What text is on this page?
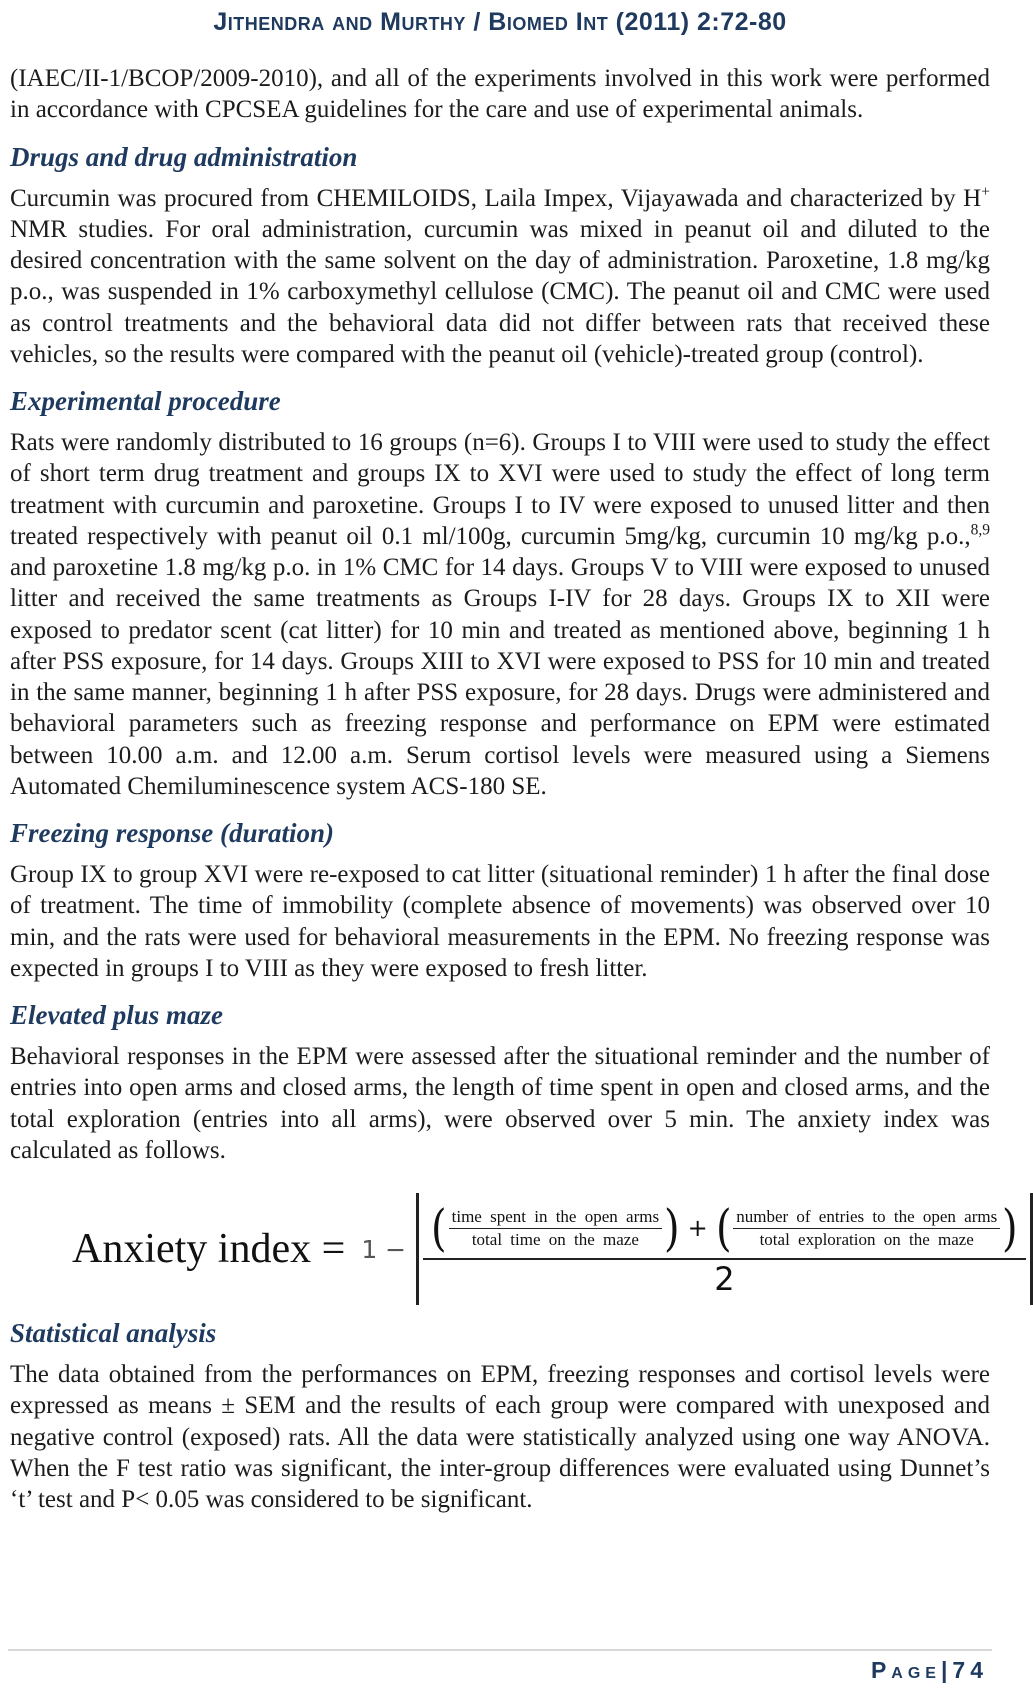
Jithendra and Murthy / Biomed Int (2011) 2:72-80

(IAEC/II-1/BCOP/2009-2010), and all of the experiments involved in this work were performed in accordance with CPCSEA guidelines for the care and use of experimental animals.

Drugs and drug administration

Curcumin was procured from CHEMILOIDS, Laila Impex, Vijayawada and characterized by H+ NMR studies. For oral administration, curcumin was mixed in peanut oil and diluted to the desired concentration with the same solvent on the day of administration. Paroxetine, 1.8 mg/kg p.o., was suspended in 1% carboxymethyl cellulose (CMC). The peanut oil and CMC were used as control treatments and the behavioral data did not differ between rats that received these vehicles, so the results were compared with the peanut oil (vehicle)-treated group (control).

Experimental procedure

Rats were randomly distributed to 16 groups (n=6). Groups I to VIII were used to study the effect of short term drug treatment and groups IX to XVI were used to study the effect of long term treatment with curcumin and paroxetine. Groups I to IV were exposed to unused litter and then treated respectively with peanut oil 0.1 ml/100g, curcumin 5mg/kg, curcumin 10 mg/kg p.o.,$^{8,9}$ and paroxetine 1.8 mg/kg p.o. in 1% CMC for 14 days. Groups V to VIII were exposed to unused litter and received the same treatments as Groups I-IV for 28 days. Groups IX to XII were exposed to predator scent (cat litter) for 10 min and treated as mentioned above, beginning 1 h after PSS exposure, for 14 days. Groups XIII to XVI were exposed to PSS for 10 min and treated in the same manner, beginning 1 h after PSS exposure, for 28 days. Drugs were administered and behavioral parameters such as freezing response and performance on EPM were estimated between 10.00 a.m. and 12.00 a.m. Serum cortisol levels were measured using a Siemens Automated Chemiluminescence system ACS-180 SE.

Freezing response (duration)

Group IX to group XVI were re-exposed to cat litter (situational reminder) 1 h after the final dose of treatment. The time of immobility (complete absence of movements) was observed over 10 min, and the rats were used for behavioral measurements in the EPM. No freezing response was expected in groups I to VIII as they were exposed to fresh litter.

Elevated plus maze

Behavioral responses in the EPM were assessed after the situational reminder and the number of entries into open arms and closed arms, the length of time spent in open and closed arms, and the total exploration (entries into all arms), were observed over 5 min. The anxiety index was calculated as follows.

Anxiety index = 1 − ( $\frac{\text{time spent in the open arms}}{\text{total time on the maze}}$ ) + ( $\frac{\text{number of entries to the open arms}}{\text{total exploration on the maze}}$ )
2
Statistical analysis

The data obtained from the performances on EPM, freezing responses and cortisol levels were expressed as means ± SEM and the results of each group were compared with unexposed and negative control (exposed) rats. All the data were statistically analyzed using one way ANOVA. When the F test ratio was significant, the inter-group differences were evaluated using Dunnet’s ‘t’ test and P< 0.05 was considered to be significant.

Page|74
